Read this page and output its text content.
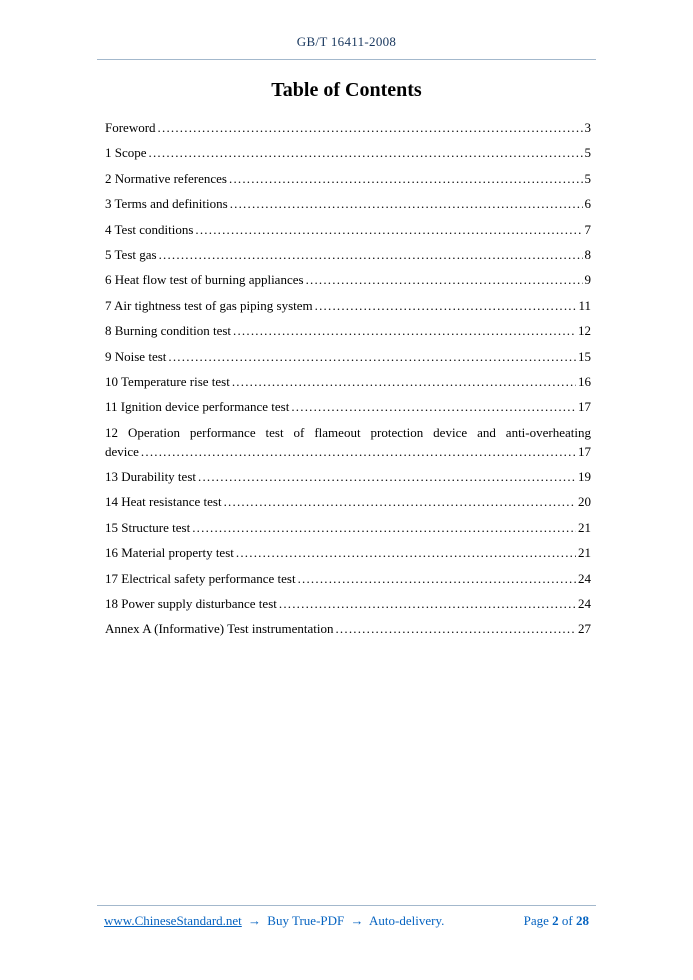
GB/T 16411-2008
Table of Contents
Foreword .....	3
1 Scope .....	5
2 Normative references .....	5
3 Terms and definitions .....	6
4 Test conditions .....	7
5 Test gas .....	8
6 Heat flow test of burning appliances .....	9
7 Air tightness test of gas piping system .....	11
8 Burning condition test .....	12
9 Noise test .....	15
10 Temperature rise test .....	16
11 Ignition device performance test .....	17
12 Operation performance test of flameout protection device and anti-overheating
device .....	17
13 Durability test .....	19
14 Heat resistance test .....	20
15 Structure test .....	21
16 Material property test .....	21
17 Electrical safety performance test .....	24
18 Power supply disturbance test .....	24
Annex A (Informative) Test instrumentation .....	27
www.ChineseStandard.net → Buy True-PDF → Auto-delivery.	Page 2 of 28
